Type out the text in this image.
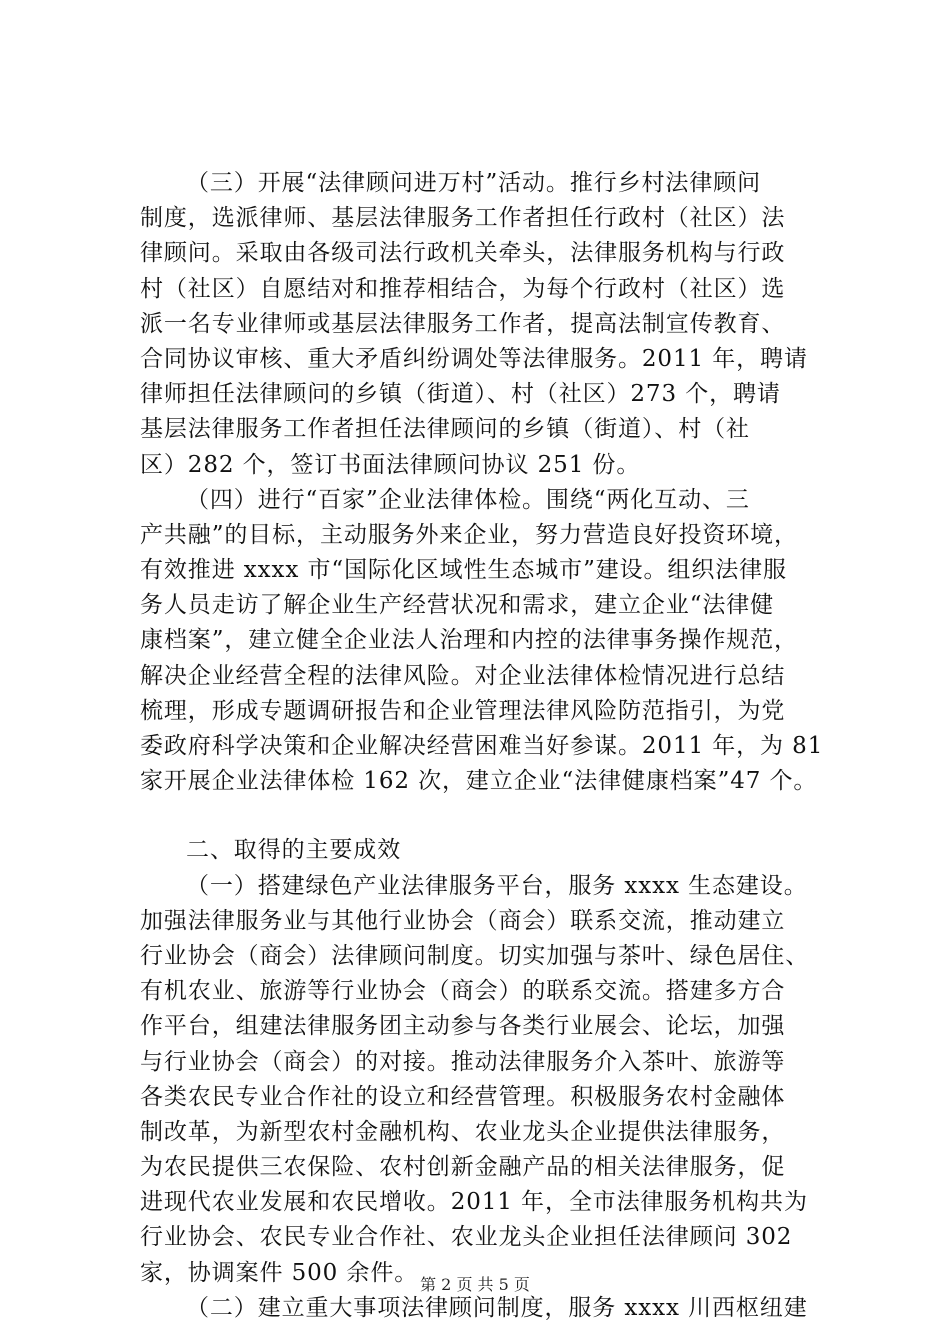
（三）开展“法律顾问进万村”活动。推行乡村法律顾问
制度，选派律师、基层法律服务工作者担任行政村（社区）法
律顾问。采取由各级司法行政机关牵头，法律服务机构与行政
村（社区）自愿结对和推荐相结合，为每个行政村（社区）选
派一名专业律师或基层法律服务工作者，提高法制宣传教育、
合同协议审核、重大矛盾纠纷调处等法律服务。2011 年，聘请
律师担任法律顾问的乡镇（街道）、村（社区）273 个，聘请
基层法律服务工作者担任法律顾问的乡镇（街道）、村（社
区）282 个，签订书面法律顾问协议 251 份。
（四）进行“百家”企业法律体检。围绕“两化互动、三
产共融”的目标，主动服务外来企业，努力营造良好投资环境，
有效推进 xxxx 市“国际化区域性生态城市”建设。组织法律服
务人员走访了解企业生产经营状况和需求，建立企业“法律健
康档案”，建立健全企业法人治理和内控的法律事务操作规范，
解决企业经营全程的法律风险。对企业法律体检情况进行总结
梳理，形成专题调研报告和企业管理法律风险防范指引，为党
委政府科学决策和企业解决经营困难当好参谋。2011 年，为 81
家开展企业法律体检 162 次，建立企业“法律健康档案”47 个。
二、取得的主要成效
（一）搭建绿色产业法律服务平台，服务 xxxx 生态建设。
加强法律服务业与其他行业协会（商会）联系交流，推动建立
行业协会（商会）法律顾问制度。切实加强与茶叶、绿色居住、
有机农业、旅游等行业协会（商会）的联系交流。搭建多方合
作平台，组建法律服务团主动参与各类行业展会、论坛，加强
与行业协会（商会）的对接。推动法律服务介入茶叶、旅游等
各类农民专业合作社的设立和经营管理。积极服务农村金融体
制改革，为新型农村金融机构、农业龙头企业提供法律服务，
为农民提供三农保险、农村创新金融产品的相关法律服务，促
进现代农业发展和农民增收。2011 年，全市法律服务机构共为
行业协会、农民专业合作社、农业龙头企业担任法律顾问 302
家，协调案件 500 余件。
（二）建立重大事项法律顾问制度，服务 xxxx 川西枢纽建
第 2 页 共 5 页
